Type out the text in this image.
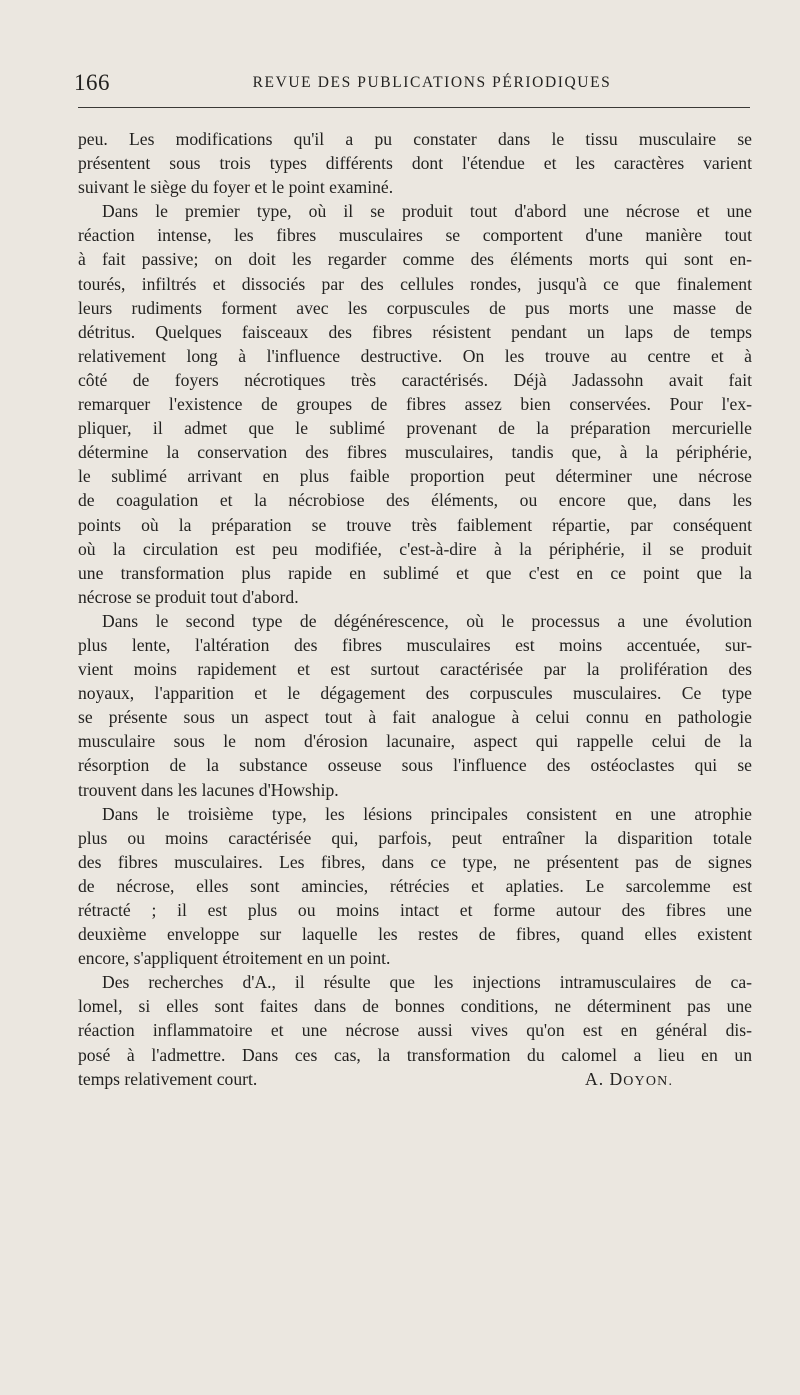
166	REVUE DES PUBLICATIONS PÉRIODIQUES
peu. Les modifications qu'il a pu constater dans le tissu musculaire se
présentent sous trois types différents dont l'étendue et les caractères varient
suivant le siège du foyer et le point examiné.
Dans le premier type, où il se produit tout d'abord une nécrose et une
réaction intense, les fibres musculaires se comportent d'une manière tout
à fait passive; on doit les regarder comme des éléments morts qui sont en-
tourés, infiltrés et dissociés par des cellules rondes, jusqu'à ce que finalement
leurs rudiments forment avec les corpuscules de pus morts une masse de
détritus. Quelques faisceaux des fibres résistent pendant un laps de temps
relativement long à l'influence destructive. On les trouve au centre et à
côté de foyers nécrotiques très caractérisés. Déjà Jadassohn avait fait
remarquer l'existence de groupes de fibres assez bien conservées. Pour l'ex-
pliquer, il admet que le sublimé provenant de la préparation mercurielle
détermine la conservation des fibres musculaires, tandis que, à la périphérie,
le sublimé arrivant en plus faible proportion peut déterminer une nécrose
de coagulation et la nécrobiose des éléments, ou encore que, dans les
points où la préparation se trouve très faiblement répartie, par conséquent
où la circulation est peu modifiée, c'est-à-dire à la périphérie, il se produit
une transformation plus rapide en sublimé et que c'est en ce point que la
nécrose se produit tout d'abord.
Dans le second type de dégénérescence, où le processus a une évolution
plus lente, l'altération des fibres musculaires est moins accentuée, sur-
vient moins rapidement et est surtout caractérisée par la prolifération des
noyaux, l'apparition et le dégagement des corpuscules musculaires. Ce type
se présente sous un aspect tout à fait analogue à celui connu en pathologie
musculaire sous le nom d'érosion lacunaire, aspect qui rappelle celui de la
résorption de la substance osseuse sous l'influence des ostéoclastes qui se
trouvent dans les lacunes d'Howship.
Dans le troisième type, les lésions principales consistent en une atrophie
plus ou moins caractérisée qui, parfois, peut entraîner la disparition totale
des fibres musculaires. Les fibres, dans ce type, ne présentent pas de signes
de nécrose, elles sont amincies, rétrécies et aplaties. Le sarcolemme est
rétracté ; il est plus ou moins intact et forme autour des fibres une
deuxième enveloppe sur laquelle les restes de fibres, quand elles existent
encore, s'appliquent étroitement en un point.
Des recherches d'A., il résulte que les injections intramusculaires de ca-
lomel, si elles sont faites dans de bonnes conditions, ne déterminent pas une
réaction inflammatoire et une nécrose aussi vives qu'on est en général dis-
posé à l'admettre. Dans ces cas, la transformation du calomel a lieu en un
temps relativement court.	A. DOYON.
